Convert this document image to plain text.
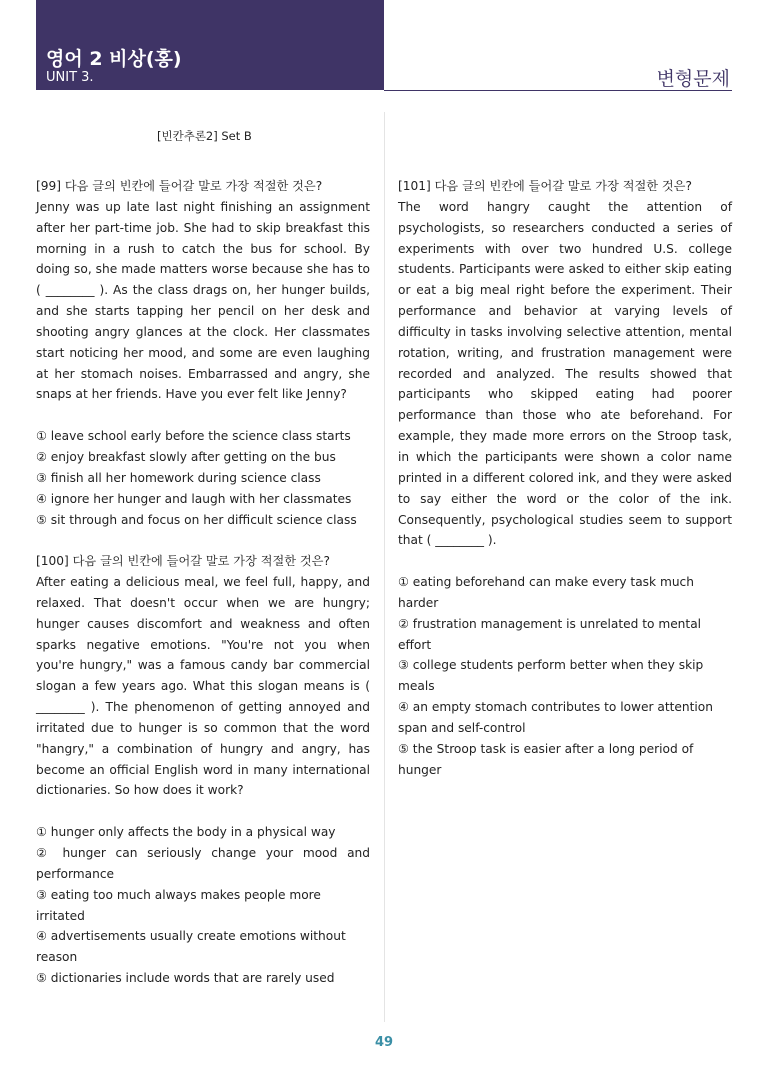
영어 2 비상(홍)
UNIT 3.	변형문제
[빈칸추론2] Set B

[99] 다음 글의 빈칸에 들어갈 말로 가장 적절한 것은?

Jenny was up late last night finishing an assignment after her part-time job. She had to skip breakfast this morning in a rush to catch the bus for school. By doing so, she made matters worse because she has to ( ________ ). As the class drags on, her hunger builds, and she starts tapping her pencil on her desk and shooting angry glances at the clock. Her classmates start noticing her mood, and some are even laughing at her stomach noises. Embarrassed and angry, she snaps at her friends. Have you ever felt like Jenny?

① leave school early before the science class starts

② enjoy breakfast slowly after getting on the bus

③ finish all her homework during science class

④ ignore her hunger and laugh with her classmates

⑤ sit through and focus on her difficult science class

[100] 다음 글의 빈칸에 들어갈 말로 가장 적절한 것은?

After eating a delicious meal, we feel full, happy, and relaxed. That doesn't occur when we are hungry; hunger causes discomfort and weakness and often sparks negative emotions. "You're not you when you're hungry," was a famous candy bar commercial slogan a few years ago. What this slogan means is ( ________ ). The phenomenon of getting annoyed and irritated due to hunger is so common that the word "hangry," a combination of hungry and angry, has become an official English word in many international dictionaries. So how does it work?

① hunger only affects the body in a physical way

② hunger can seriously change your mood and performance

③ eating too much always makes people more irritated

④ advertisements usually create emotions without reason

⑤ dictionaries include words that are rarely used

[101] 다음 글의 빈칸에 들어갈 말로 가장 적절한 것은?

The word hangry caught the attention of psychologists, so researchers conducted a series of experiments with over two hundred U.S. college students. Participants were asked to either skip eating or eat a big meal right before the experiment. Their performance and behavior at varying levels of difficulty in tasks involving selective attention, mental rotation, writing, and frustration management were recorded and analyzed. The results showed that participants who skipped eating had poorer performance than those who ate beforehand. For example, they made more errors on the Stroop task, in which the participants were shown a color name printed in a different colored ink, and they were asked to say either the word or the color of the ink. Consequently, psychological studies seem to support that ( ________ ).

① eating beforehand can make every task much harder

② frustration management is unrelated to mental effort

③ college students perform better when they skip meals

④ an empty stomach contributes to lower attention span and self-control

⑤ the Stroop task is easier after a long period of hunger

49
